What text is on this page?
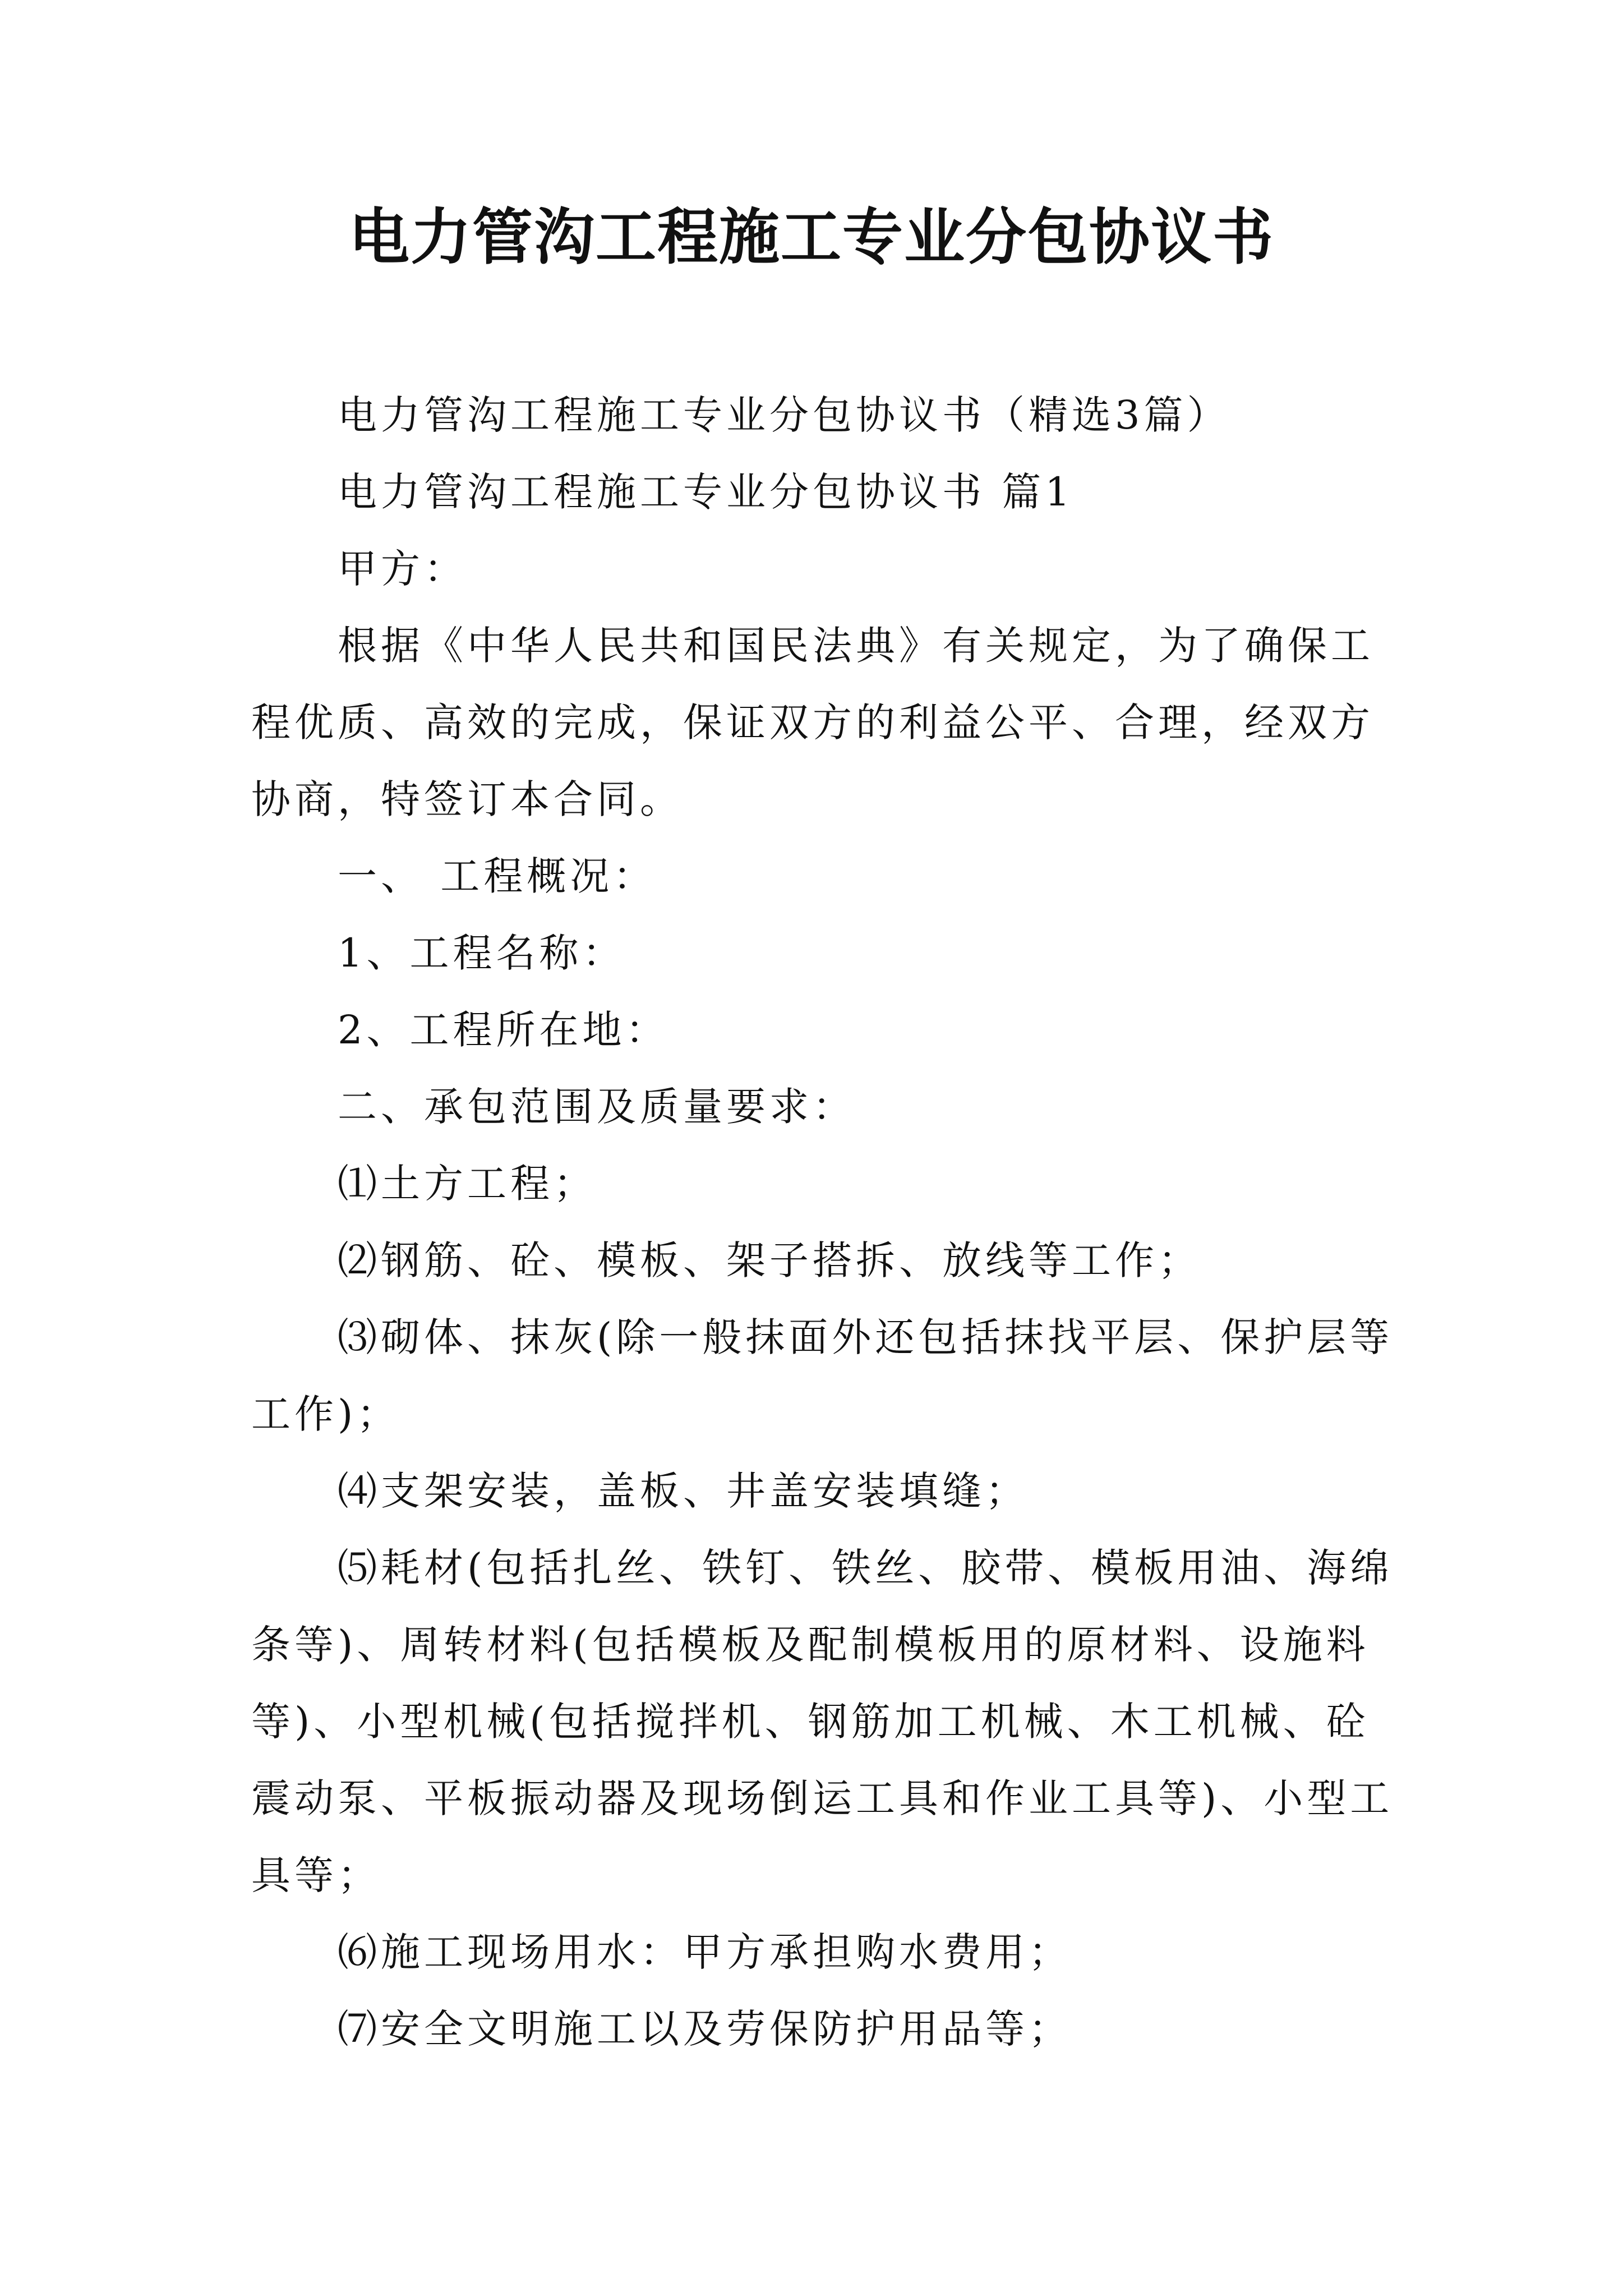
电力管沟工程施工专业分包协议书

电力管沟工程施工专业分包协议书（精选3篇）

电力管沟工程施工专业分包协议书 篇1

甲方：

根据《中华人民共和国民法典》有关规定，为了确保工程优质、高效的完成，保证双方的利益公平、合理，经双方协商，特签订本合同。

一、 工程概况：

1、工程名称：

2、工程所在地：

二、承包范围及质量要求：

⑴土方工程；

⑵钢筋、砼、模板、架子搭拆、放线等工作；

⑶砌体、抹灰(除一般抹面外还包括抹找平层、保护层等工作)；

⑷支架安装，盖板、井盖安装填缝；

⑸耗材(包括扎丝、铁钉、铁丝、胶带、模板用油、海绵条等)、周转材料(包括模板及配制模板用的原材料、设施料等)、小型机械(包括搅拌机、钢筋加工机械、木工机械、砼震动泵、平板振动器及现场倒运工具和作业工具等)、小型工具等；

⑹施工现场用水：甲方承担购水费用；

⑺安全文明施工以及劳保防护用品等；
